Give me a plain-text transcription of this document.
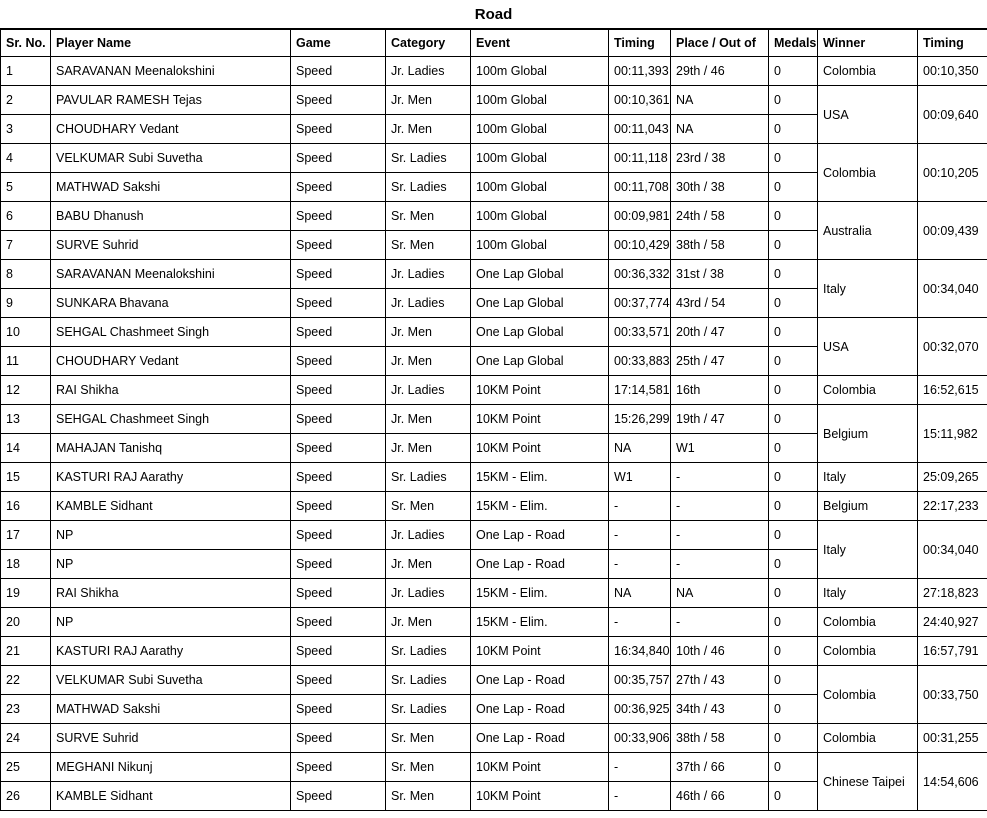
Road
Sr. No.	Player Name	Game	Category	Event	Timing	Place / Out of	Medals	Winner	Timing
1	SARAVANAN Meenalokshini	Speed	Jr. Ladies	100m Global	00:11,393	29th / 46	0	Colombia	00:10,350
2	PAVULAR RAMESH Tejas	Speed	Jr. Men	100m Global	00:10,361	NA	0	USA	00:09,640
3	CHOUDHARY Vedant	Speed	Jr. Men	100m Global	00:11,043	NA	0		
4	VELKUMAR Subi Suvetha	Speed	Sr. Ladies	100m Global	00:11,118	23rd / 38	0	Colombia	00:10,205
5	MATHWAD Sakshi	Speed	Sr. Ladies	100m Global	00:11,708	30th / 38	0		
6	BABU Dhanush	Speed	Sr. Men	100m Global	00:09,981	24th / 58	0	Australia	00:09,439
7	SURVE Suhrid	Speed	Sr. Men	100m Global	00:10,429	38th / 58	0		
8	SARAVANAN Meenalokshini	Speed	Jr. Ladies	One Lap Global	00:36,332	31st / 38	0	Italy	00:34,040
9	SUNKARA Bhavana	Speed	Jr. Ladies	One Lap Global	00:37,774	43rd / 54	0		
10	SEHGAL Chashmeet Singh	Speed	Jr. Men	One Lap Global	00:33,571	20th / 47	0	USA	00:32,070
11	CHOUDHARY Vedant	Speed	Jr. Men	One Lap Global	00:33,883	25th / 47	0		
12	RAI Shikha	Speed	Jr. Ladies	10KM Point	17:14,581	16th	0	Colombia	16:52,615
13	SEHGAL Chashmeet Singh	Speed	Jr. Men	10KM Point	15:26,299	19th / 47	0	Belgium	15:11,982
14	MAHAJAN Tanishq	Speed	Jr. Men	10KM Point	NA	W1	0		
15	KASTURI RAJ Aarathy	Speed	Sr. Ladies	15KM - Elim.	W1	-	0	Italy	25:09,265
16	KAMBLE Sidhant	Speed	Sr. Men	15KM - Elim.	-	-	0	Belgium	22:17,233
17	NP	Speed	Jr. Ladies	One Lap - Road	-	-	0	Italy	00:34,040
18	NP	Speed	Jr. Men	One Lap - Road	-	-	0		
19	RAI Shikha	Speed	Jr. Ladies	15KM - Elim.	NA	NA	0	Italy	27:18,823
20	NP	Speed	Jr. Men	15KM - Elim.	-	-	0	Colombia	24:40,927
21	KASTURI RAJ Aarathy	Speed	Sr. Ladies	10KM Point	16:34,840	10th / 46	0	Colombia	16:57,791
22	VELKUMAR Subi Suvetha	Speed	Sr. Ladies	One Lap - Road	00:35,757	27th / 43	0	Colombia	00:33,750
23	MATHWAD Sakshi	Speed	Sr. Ladies	One Lap - Road	00:36,925	34th / 43	0		
24	SURVE Suhrid	Speed	Sr. Men	One Lap - Road	00:33,906	38th / 58	0	Colombia	00:31,255
25	MEGHANI Nikunj	Speed	Sr. Men	10KM Point	-	37th / 66	0	Chinese Taipei	14:54,606
26	KAMBLE Sidhant	Speed	Sr. Men	10KM Point	-	46th / 66	0		
